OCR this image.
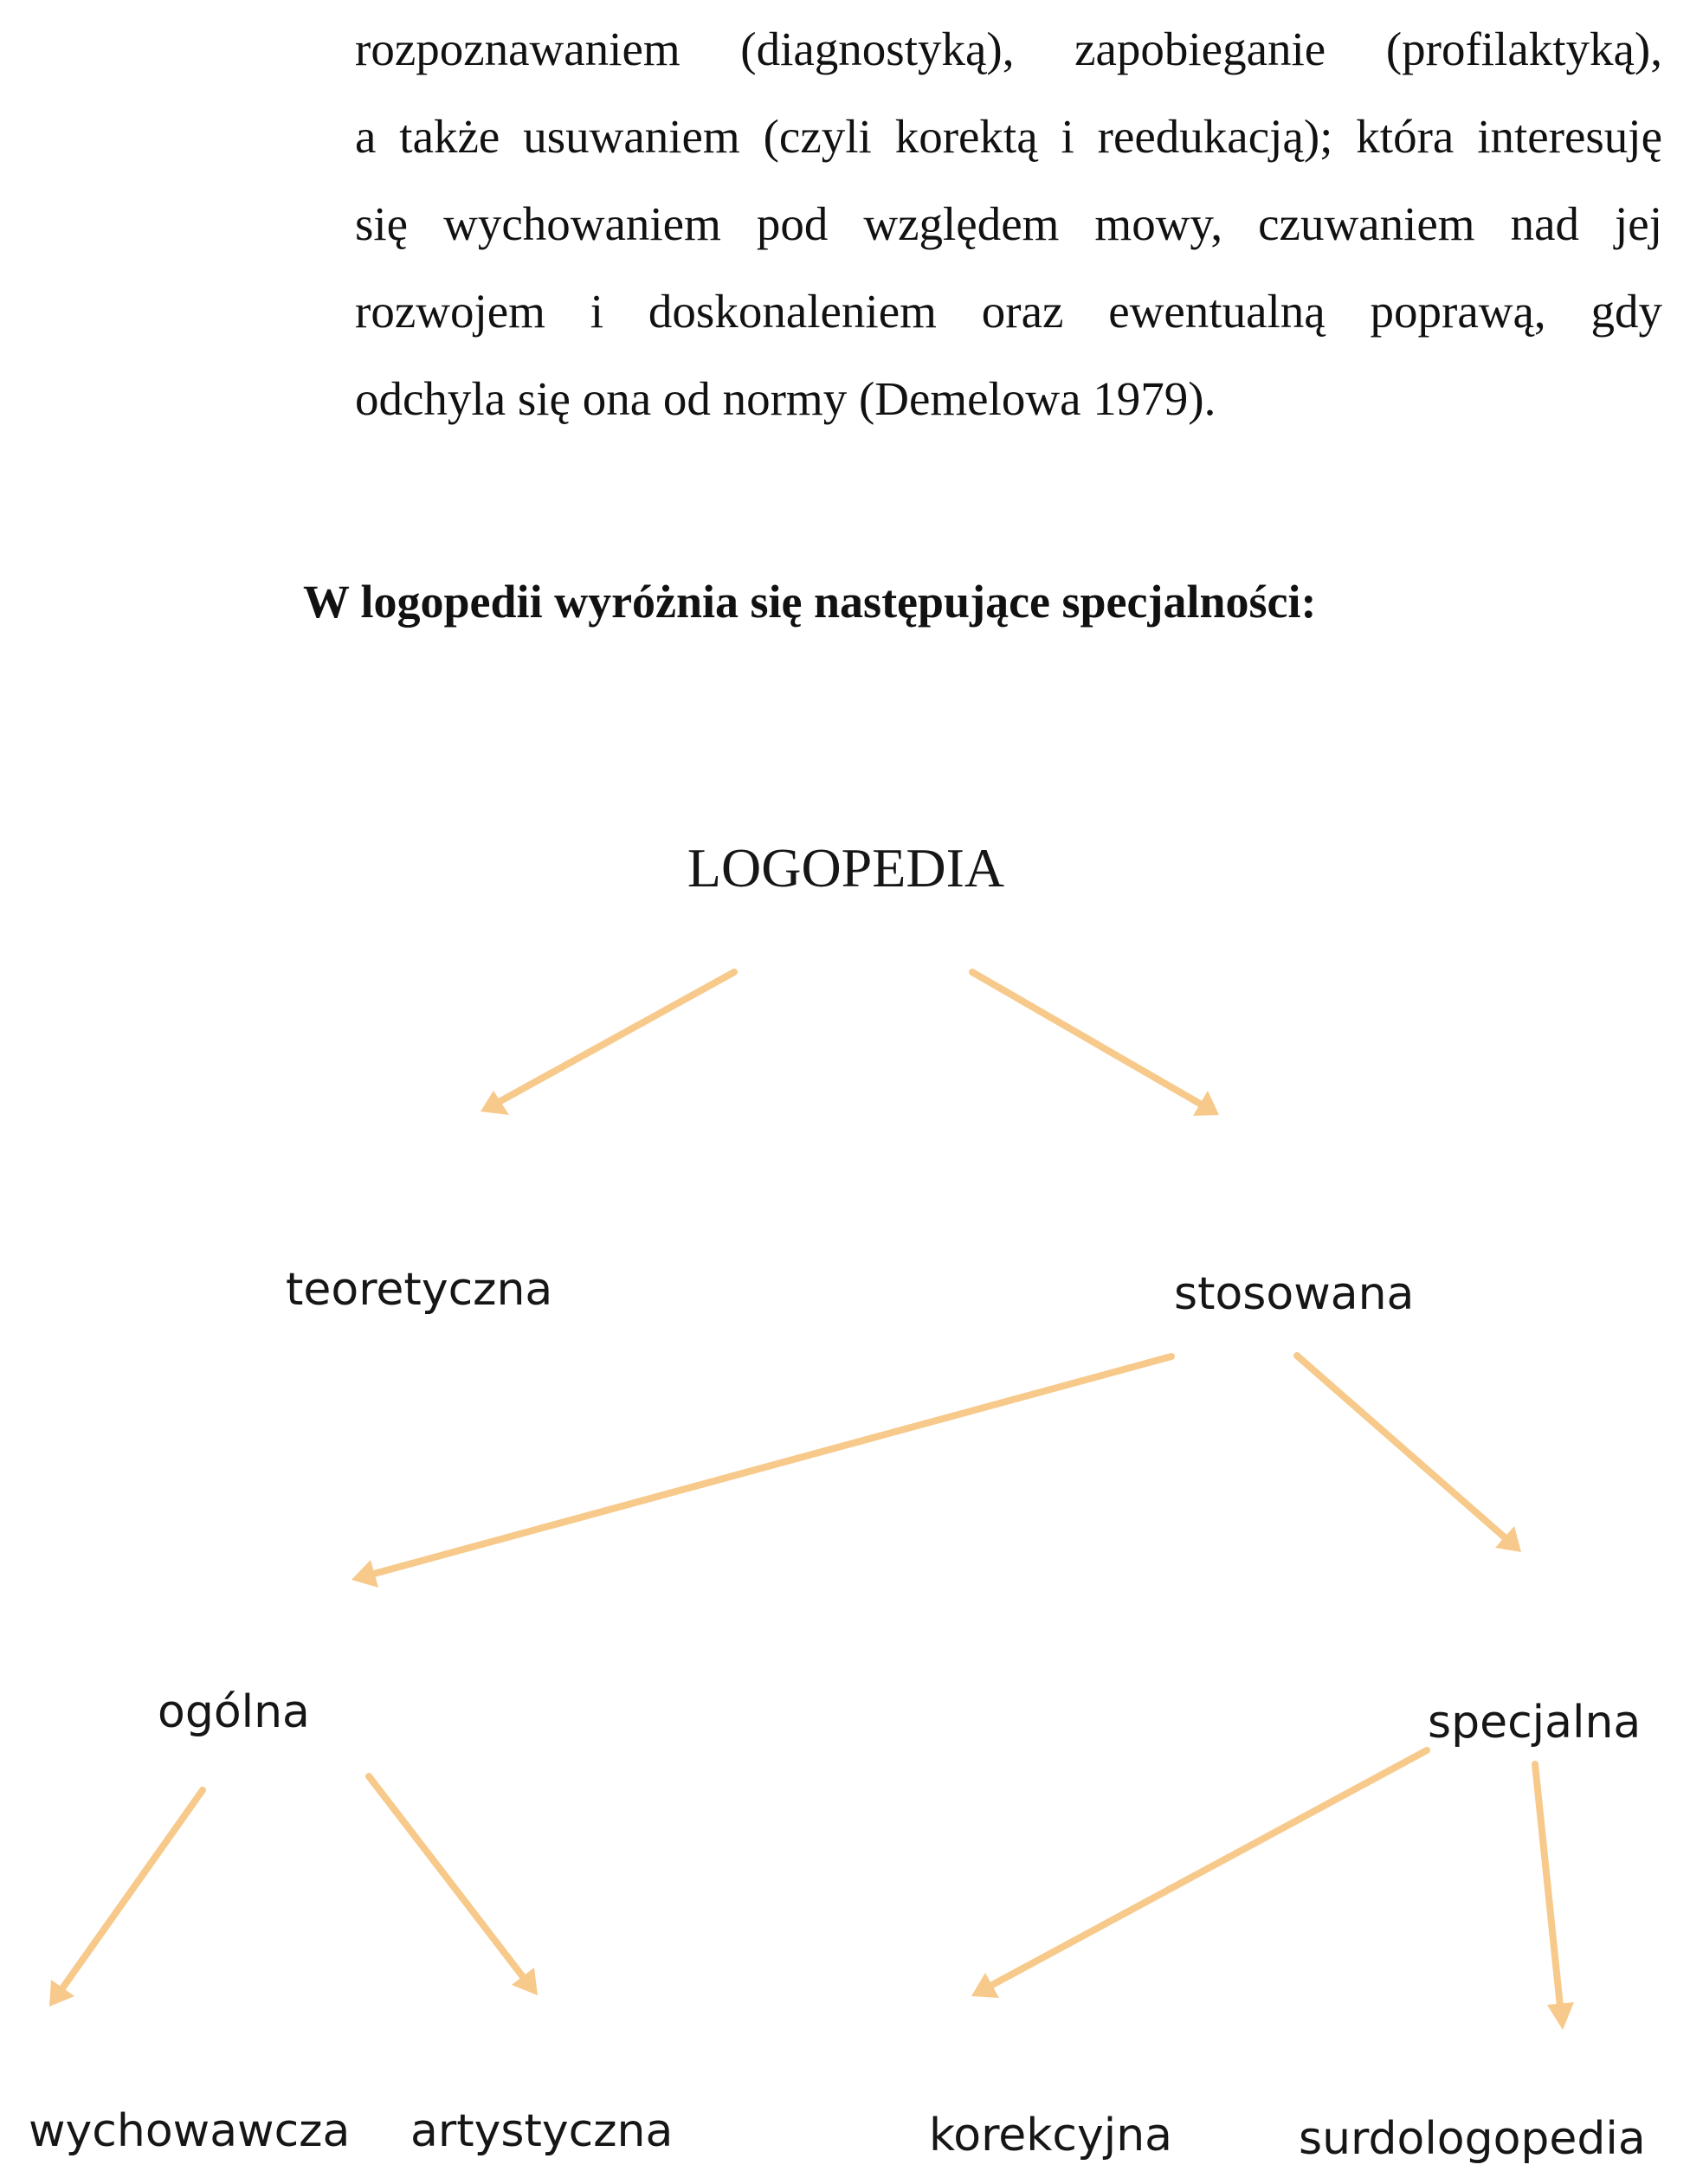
rozpoznawaniem (diagnostyką), zapobieganie (profilaktyką),
a także usuwaniem (czyli korektą i reedukacją); która interesuję
się wychowaniem pod względem mowy, czuwaniem nad jej
rozwojem i doskonaleniem oraz ewentualną poprawą, gdy
odchyla się ona od normy (Demelowa 1979).
W logopedii wyróżnia się następujące specjalności:
LOGOPEDIA
teoretyczna	stosowana
ogólna	specjalna
wychowawcza artystyczna	korekcyjna	surdologopedia
